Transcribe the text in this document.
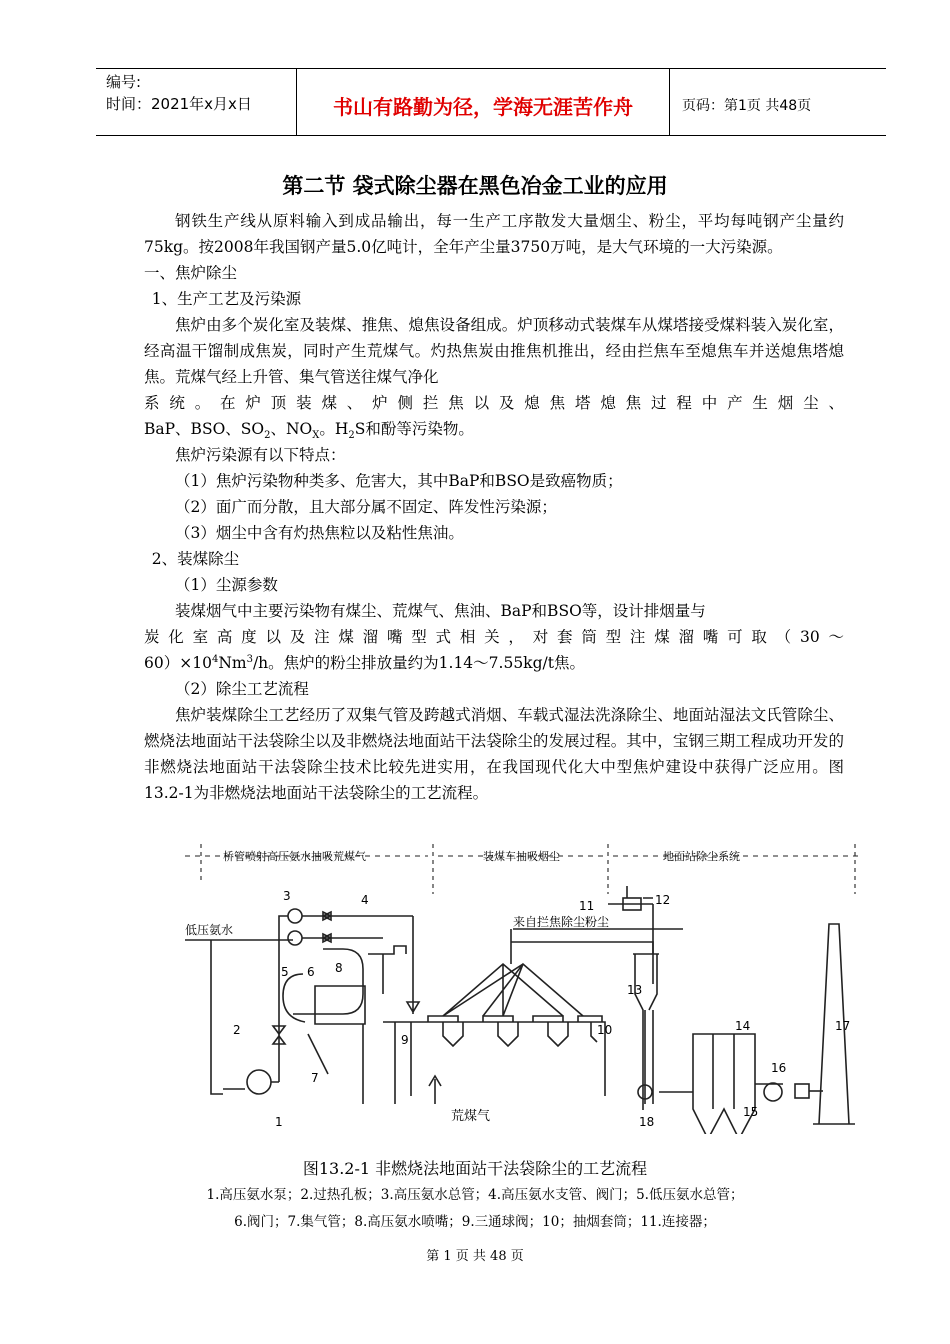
编号:
时间：2021年x月x日	书山有路勤为径，学海无涯苦作舟	页码：第1页 共48页
第二节 袋式除尘器在黑色冶金工业的应用

钢铁生产线从原料输入到成品输出，每一生产工序散发大量烟尘、粉尘，平均每吨钢产尘量约75kg。按2008年我国钢产量5.0亿吨计，全年产尘量3750万吨，是大气环境的一大污染源。

一、焦炉除尘

1、生产工艺及污染源

焦炉由多个炭化室及装煤、推焦、熄焦设备组成。炉顶移动式装煤车从煤塔接受煤料装入炭化室，经高温干馏制成焦炭，同时产生荒煤气。灼热焦炭由推焦机推出，经由拦焦车至熄焦车并送熄焦塔熄焦。荒煤气经上升管、集气管送往煤气净化

系统。在炉顶装煤、炉侧拦焦以及熄焦塔熄焦过程中产生烟尘、

BaP、BSO、$SO_2$、$NO_X$。$H_2S$和酚等污染物。

焦炉污染源有以下特点：

（1）焦炉污染物种类多、危害大，其中BaP和BSO是致癌物质；

（2）面广而分散，且大部分属不固定、阵发性污染源；

（3）烟尘中含有灼热焦粒以及粘性焦油。

2、装煤除尘

（1）尘源参数

装煤烟气中主要污染物有煤尘、荒煤气、焦油、BaP和BSO等，设计排烟量与

炭化室高度以及注煤溜嘴型式相关，对套筒型注煤溜嘴可取（30～

$60)\times 10^4Nm^3/h$。焦炉的粉尘排放量约为1.14～7.55kg/t焦。

（2）除尘工艺流程

焦炉装煤除尘工艺经历了双集气管及跨越式消烟、车载式湿法洗涤除尘、地面站湿法文氏管除尘、燃烧法地面站干法袋除尘以及非燃烧法地面站干法袋除尘的发展过程。其中，宝钢三期工程成功开发的非燃烧法地面站干法袋除尘技术比较先进实用，在我国现代化大中型焦炉建设中获得广泛应用。图13.2-1为非燃烧法地面站干法袋除尘的工艺流程。

桥管喷射高压氨水抽吸荒煤气	装煤车抽吸烟尘	地面站除尘系统
低压氨水
来自拦焦除尘粉尘
荒煤气
1
2
3	4
5 6
7
8
9
10
11	12
13
14
15
16
17
18
图13.2-1 非燃烧法地面站干法袋除尘的工艺流程
1.高压氨水泵；2.过热孔板；3.高压氨水总管；4.高压氨水支管、阀门；5.低压氨水总管；
6.阀门；7.集气管；8.高压氨水喷嘴；9.三通球阀；10；抽烟套筒；11.连接器；
第 1 页 共 48 页
